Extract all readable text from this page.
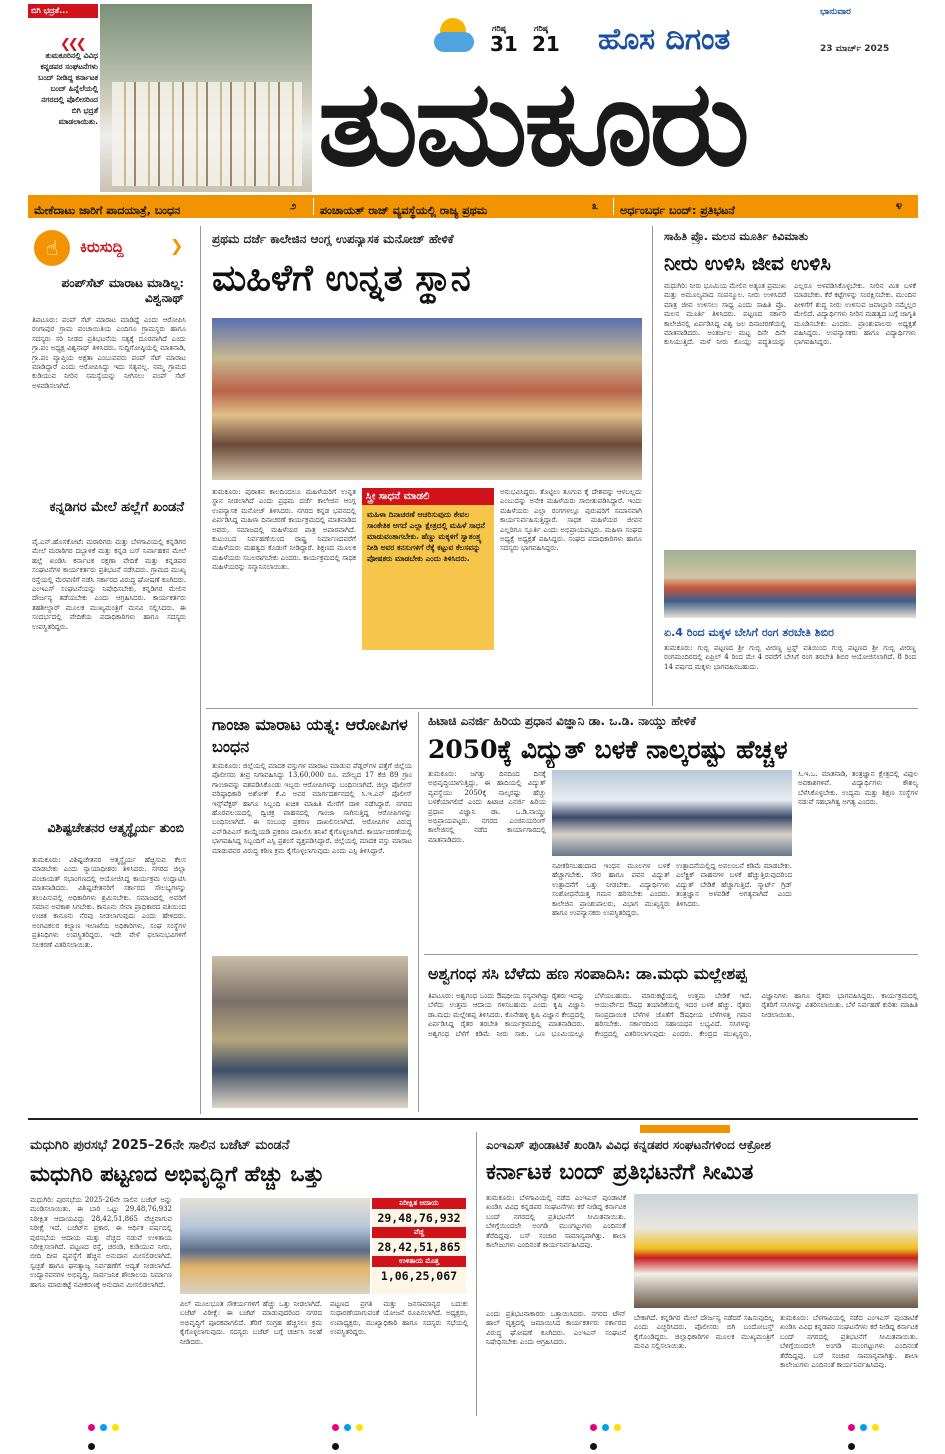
ಬಿಗಿ ಭದ್ರತೆ...
❮❮❮
ತುಮಕೂರಿನಲ್ಲಿ ವಿವಿಧ ಕನ್ನಡಪರ ಸಂಘಟನೆಗಳು ಬಂದ್ ನೀಡಿದ್ದ ಕರ್ನಾಟಕ ಬಂದ್ ಹಿನ್ನೆಲೆಯಲ್ಲಿ ನಗರದಲ್ಲಿ ಪೊಲೀಸರಿಂದ ಬಿಗಿ ಭದ್ರತೆ ಮಾಡಲಾಯಿತು.
ಗರಿಷ್ಠ
31
ಗರಿಷ್ಠ
21 ಹೊಸ ದಿಗಂತ
ಭಾನುವಾರ
23 ಮಾರ್ಚ್ 2025
ತುಮಕೂರು
ಮೇಕೆದಾಟು ಜಾರಿಗೆ ಪಾದಯಾತ್ರೆ, ಬಂಧನ	೨ ಪಂಚಾಯತ್ ರಾಜ್ ವ್ಯವಸ್ಥೆಯಲ್ಲಿ ರಾಜ್ಯ ಪ್ರಥಮ	೩ ಅರ್ಧಂಬರ್ಧ ಬಂದ್: ಪ್ರತಿಭಟನೆ	೪
☝	ಕಿರುಸುದ್ದಿ	❯
ಪಂಪ್‌ಸೆಟ್ ಮಾರಾಟ ಮಾಡಿಲ್ಲ: ವಿಶ್ವನಾಥ್
ತಿಪಟೂರು: ಪಂಪ್ ಸೆಟ್ ಮಾರಾಟ ಮಾಡಿದ್ದೆ ಎಂದು ಆರೋಪಿಸಿ ರಂಗಾಪುರ ಗ್ರಾಮ ಪಂಚಾಯಿತಿಯ ಎಂದಿಗೂ ಗ್ರಾಮಸ್ಥರು ಹಾಗೂ ಸದಸ್ಯರು ಸರಿ ನೀಡದ ಪ್ರತಿಭಟನೆಯ ಸತ್ಯಕ್ಕೆ ದೂರವಾಗಿದೆ ಎಂದು ಗ್ರಾ.ಪಂ ಅಧ್ಯಕ್ಷ ವಿಶ್ವನಾಥ್ ತಿಳಿಸಿದರು. ಸುದ್ದಿಗೋಷ್ಠಿಯಲ್ಲಿ ಮಾತನಾಡಿ, ಗ್ರಾ.ಪಂ ವ್ಯಾಪ್ತಿಯ ಅಕ್ಷತಾ ಎಂಬುವವರು ಪಂಪ್ ಸೆಟ್ ಮಾರಾಟ ಮಾಡಿದ್ದಾರೆ ಎಂದು ಆರೋಪಿಸಿದ್ದು ಇದು ಸತ್ಯವಲ್ಲ. ನಮ್ಮ ಗ್ರಾಮದ ಕುಡಿಯುವ ನೀರಿನ ಸಮಸ್ಯೆಯನ್ನು ನೀಗಿಸಲು ಪಂಪ್ ಸೆಟ್ ಅಳವಡಿಸಲಾಗಿದೆ.
ಕನ್ನಡಿಗರ ಮೇಲೆ ಹಲ್ಲೆಗೆ ಖಂಡನೆ
ವೈ.ಎನ್.ಹೊಸಕೋಟೆ: ಮರಾಠಿಗರು ಮತ್ತು ಬೆಳಗಾವಿಯಲ್ಲಿ ಕನ್ನಡಿಗರ ಮೇಲೆ ಮರಾಠಿಗರ ದಬ್ಬಾಳಿಕೆ ಮತ್ತು ಕನ್ನಡ ಬಸ್ ನಿರ್ವಾಹಕನ ಮೇಲೆ ಹಲ್ಲೆ ಖಂಡಿಸಿ ಕರ್ನಾಟಕ ರಕ್ಷಣಾ ವೇದಿಕೆ ಮತ್ತು ಕನ್ನಡಪರ ಸಂಘಟನೆಗಳ ಕಾರ್ಯಕರ್ತರು ಪ್ರತಿಭಟನೆ ನಡೆಸಿದರು. ಗ್ರಾಮದ ಮುಖ್ಯ ರಸ್ತೆಯಲ್ಲಿ ಮೆರವಣಿಗೆ ನಡೆಸಿ ಸರ್ಕಾರದ ವಿರುದ್ಧ ಘೋಷಣೆ ಕೂಗಿದರು. ಎಂಇಎಸ್ ಸಂಘಟನೆಯನ್ನು ನಿಷೇಧಿಸಬೇಕು, ಕನ್ನಡಿಗರ ಮೇಲಿನ ದೌರ್ಜನ್ಯ ತಡೆಯಬೇಕು ಎಂದು ಆಗ್ರಹಿಸಿದರು. ಕಾರ್ಯಕರ್ತರು ತಹಶೀಲ್ದಾರ್ ಮೂಲಕ ಮುಖ್ಯಮಂತ್ರಿಗೆ ಮನವಿ ಸಲ್ಲಿಸಿದರು. ಈ ಸಂದರ್ಭದಲ್ಲಿ ವೇದಿಕೆಯ ಪದಾಧಿಕಾರಿಗಳು ಹಾಗೂ ಸದಸ್ಯರು ಉಪಸ್ಥಿತರಿದ್ದರು.
ವಿಶಿಷ್ಟಚೇತನರ ಆತ್ಮಸ್ಥೈರ್ಯ ತುಂಬಿ
ತುಮಕೂರು: ವಿಶಿಷ್ಟಚೇತನರ ಆತ್ಮಸ್ಥೈರ್ಯ ಹೆಚ್ಚಿಸುವ ಕೆಲಸ ಮಾಡಬೇಕು ಎಂದು ನ್ಯಾಯಾಧೀಶರು ತಿಳಿಸಿದರು. ನಗರದ ಜಿಲ್ಲಾ ಪಂಚಾಯತ್ ಸಭಾಂಗಣದಲ್ಲಿ ಆಯೋಜಿಸಿದ್ದ ಕಾರ್ಯಕ್ರಮ ಉದ್ಘಾಟಿಸಿ ಮಾತನಾಡಿದರು. ವಿಶಿಷ್ಟಚೇತನರಿಗೆ ಸರ್ಕಾರದ ಸೌಲಭ್ಯಗಳನ್ನು ತಲುಪಿಸುವಲ್ಲಿ ಅಧಿಕಾರಿಗಳು ಶ್ರಮಿಸಬೇಕು. ಸಮಾಜದಲ್ಲಿ ಅವರಿಗೆ ಸಮಾನ ಅವಕಾಶ ಸಿಗಬೇಕು. ಕಾನೂನು ಸೇವಾ ಪ್ರಾಧಿಕಾರದ ವತಿಯಿಂದ ಉಚಿತ ಕಾನೂನು ನೆರವು ನೀಡಲಾಗುವುದು ಎಂದು ಹೇಳಿದರು. ಅಂಗವಿಕಲರ ಕಲ್ಯಾಣ ಇಲಾಖೆಯ ಅಧಿಕಾರಿಗಳು, ಸಂಘ ಸಂಸ್ಥೆಗಳ ಪ್ರತಿನಿಧಿಗಳು ಉಪಸ್ಥಿತರಿದ್ದರು. ಇದೇ ವೇಳೆ ಫಲಾನುಭವಿಗಳಿಗೆ ಸಲಕರಣೆ ವಿತರಿಸಲಾಯಿತು.
ಪ್ರಥಮ ದರ್ಜೆ ಕಾಲೇಜಿನ ಆಂಗ್ಲ ಉಪನ್ಯಾಸಕ ಮನೋಜ್ ಹೇಳಿಕೆ
ಮಹಿಳೆಗೆ ಉನ್ನತ ಸ್ಥಾನ
ತುಮಕೂರು: ಪುರಾತನ ಕಾಲದಿಂದಲೂ ಮಹಿಳೆಯರಿಗೆ ಉನ್ನತ ಸ್ಥಾನ ನೀಡಲಾಗಿದೆ ಎಂದು ಪ್ರಥಮ ದರ್ಜೆ ಕಾಲೇಜಿನ ಆಂಗ್ಲ ಉಪನ್ಯಾಸಕ ಮನೋಜ್ ತಿಳಿಸಿದರು. ನಗರದ ಕನ್ನಡ ಭವನದಲ್ಲಿ ಏರ್ಪಡಿಸಿದ್ದ ಮಹಿಳಾ ದಿನಾಚರಣೆ ಕಾರ್ಯಕ್ರಮದಲ್ಲಿ ಮಾತನಾಡಿದ ಅವರು, ಸಮಾಜದಲ್ಲಿ ಮಹಿಳೆಯರ ಪಾತ್ರ ಅಪಾರವಾಗಿದೆ. ಕುಟುಂಬದ ನಿರ್ವಹಣೆಯಿಂದ ರಾಷ್ಟ್ರ ನಿರ್ಮಾಣದವರೆಗೆ ಮಹಿಳೆಯರು ಮಹತ್ವದ ಕೊಡುಗೆ ನೀಡಿದ್ದಾರೆ. ಶಿಕ್ಷಣದ ಮೂಲಕ ಮಹಿಳೆಯರು ಸಬಲರಾಗಬೇಕು ಎಂದರು. ಕಾರ್ಯಕ್ರಮದಲ್ಲಿ ಸಾಧಕ ಮಹಿಳೆಯರನ್ನು ಸನ್ಮಾನಿಸಲಾಯಿತು.
ಸ್ತ್ರೀ ಸಾಧನೆ ಮಾಡಲಿ
ಮಹಿಳಾ ದಿನಾಚರಣೆ ಆಚರಿಸುವುದು ಕೇವಲ ಸಾಂಕೇತಿಕ ಆಗದೆ ಎಲ್ಲಾ ಕ್ಷೇತ್ರದಲ್ಲಿ ಮಹಿಳೆ ಸಾಧನೆ ಮಾಡುವಂತಾಗಬೇಕು. ಹೆಣ್ಣು ಮಕ್ಕಳಿಗೆ ಸ್ವಾತಂತ್ರ್ಯ ನೀಡಿ ಅವರ ಕನಸುಗಳಿಗೆ ರೆಕ್ಕೆ ಕಟ್ಟುವ ಕೆಲಸವನ್ನು ಪೋಷಕರು ಮಾಡಬೇಕು ಎಂದು ತಿಳಿಸಿದರು.
ಅನುಭವಿಸಿದ್ದರು. ತೊಟ್ಟಿಲು ತೂಗುವ ಕೈ ದೇಶವನ್ನು ಆಳಬಲ್ಲದು ಎಂಬುದನ್ನು ಅನೇಕ ಮಹಿಳೆಯರು ಸಾಬೀತುಪಡಿಸಿದ್ದಾರೆ. ಇಂದು ಮಹಿಳೆಯರು ಎಲ್ಲಾ ರಂಗಗಳಲ್ಲೂ ಪುರುಷರಿಗೆ ಸಮಾನವಾಗಿ ಕಾರ್ಯನಿರ್ವಹಿಸುತ್ತಿದ್ದಾರೆ. ಸಾಧಕ ಮಹಿಳೆಯರ ಜೀವನ ಎಲ್ಲರಿಗೂ ಸ್ಫೂರ್ತಿ ಎಂದು ಅಭಿಪ್ರಾಯಪಟ್ಟರು. ಮಹಿಳಾ ಸಂಘದ ಅಧ್ಯಕ್ಷೆ ಅಧ್ಯಕ್ಷತೆ ವಹಿಸಿದ್ದರು. ಸಂಘದ ಪದಾಧಿಕಾರಿಗಳು ಹಾಗೂ ಸದಸ್ಯರು ಭಾಗವಹಿಸಿದ್ದರು.
ಸಾಹಿತಿ ಪ್ರೊ. ಮಲನ ಮೂರ್ತಿ ಕಿವಿಮಾತು
ನೀರು ಉಳಿಸಿ ಜೀವ ಉಳಿಸಿ
ಮಧುಗಿರಿ: ನೀರು ಭೂಮಿಯ ಮೇಲಿನ ಅತ್ಯಂತ ಪ್ರಮುಖ ಮತ್ತು ಅಮೂಲ್ಯವಾದ ಸಂಪನ್ಮೂಲ. ನೀರು ಉಳಿಸಿದರೆ ಮಾತ್ರ ಜೀವ ಉಳಿಸಲು ಸಾಧ್ಯ ಎಂದು ಸಾಹಿತಿ ಪ್ರೊ. ಮಲನ ಮೂರ್ತಿ ತಿಳಿಸಿದರು. ಪಟ್ಟಣದ ಸರ್ಕಾರಿ ಕಾಲೇಜಿನಲ್ಲಿ ಏರ್ಪಡಿಸಿದ್ದ ವಿಶ್ವ ಜಲ ದಿನಾಚರಣೆಯಲ್ಲಿ ಮಾತನಾಡಿದರು. ಅಂತರ್ಜಲ ಮಟ್ಟ ದಿನೇ ದಿನೇ ಕುಸಿಯುತ್ತಿದೆ. ಮಳೆ ನೀರು ಕೊಯ್ಲು ಪದ್ಧತಿಯನ್ನು ಎಲ್ಲರೂ ಅಳವಡಿಸಿಕೊಳ್ಳಬೇಕು. ನೀರಿನ ಮಿತ ಬಳಕೆ ಮಾಡಬೇಕು. ಕೆರೆ ಕಟ್ಟೆಗಳನ್ನು ಸಂರಕ್ಷಿಸಬೇಕು. ಮುಂದಿನ ಪೀಳಿಗೆಗೆ ಶುದ್ಧ ನೀರು ಉಳಿಸುವ ಜವಾಬ್ದಾರಿ ನಮ್ಮೆಲ್ಲರ ಮೇಲಿದೆ. ವಿದ್ಯಾರ್ಥಿಗಳು ನೀರಿನ ಮಹತ್ವದ ಬಗ್ಗೆ ಜಾಗೃತಿ ಮೂಡಿಸಬೇಕು ಎಂದರು. ಪ್ರಾಂಶುಪಾಲರು ಅಧ್ಯಕ್ಷತೆ ವಹಿಸಿದ್ದರು. ಉಪನ್ಯಾಸಕರು ಹಾಗೂ ವಿದ್ಯಾರ್ಥಿಗಳು ಭಾಗವಹಿಸಿದ್ದರು.
ಏ.4 ರಿಂದ ಮಕ್ಕಳ ಬೇಸಿಗೆ ರಂಗ ತರಬೇತಿ ಶಿಬಿರ
ತುಮಕೂರು: ಗುಬ್ಬಿ ಪಟ್ಟಣದ ಶ್ರೀ ಗುಬ್ಬಿ ವೀರಣ್ಣ ಟ್ರಸ್ಟ್ ವತಿಯಿಂದ ಗುಬ್ಬಿ ಪಟ್ಟಣದ ಶ್ರೀ ಗುಬ್ಬಿ ವೀರಣ್ಣ ರಂಗಮಂದಿರದಲ್ಲಿ ಏಪ್ರಿಲ್ 4 ರಿಂದ ಮೇ 4 ರವರೆಗೆ ಬೇಸಿಗೆ ರಂಗ ತರಬೇತಿ ಶಿಬಿರ ಆಯೋಜಿಸಲಾಗಿದೆ. 8 ರಿಂದ 14 ವರ್ಷದ ಮಕ್ಕಳು ಭಾಗವಹಿಸಬಹುದು.
ಗಾಂಜಾ ಮಾರಾಟ ಯತ್ನ: ಆರೋಪಿಗಳ ಬಂಧನ
ತುಮಕೂರು: ಜಿಲ್ಲೆಯಲ್ಲಿ ಮಾದಕ ವಸ್ತುಗಳ ಮಾರಾಟ ಮಾಡುವ ಪೆಡ್ಲರ್‌ಗಳ ಪತ್ತೆಗೆ ಜಿಲ್ಲೆಯ ಪೊಲೀಸರು ತೀವ್ರ ನಿಗಾವಹಿಸಿದ್ದು 13,60,000 ರೂ. ಮೌಲ್ಯದ 17 ಕೆಜಿ 89 ಗ್ರಾಂ ಗಾಂಜಾವನ್ನು ವಶಪಡಿಸಿಕೊಂಡು ಇಬ್ಬರು ಆರೋಪಿಗಳನ್ನು ಬಂಧಿಸಲಾಗಿದೆ. ಜಿಲ್ಲಾ ಪೊಲೀಸ್ ವರಿಷ್ಠಾಧಿಕಾರಿ ಅಶೋಕ್ ಕೆ.ವಿ ಅವರ ಮಾರ್ಗದರ್ಶನದಲ್ಲಿ ಸಿ.ಇ.ಎನ್ ಪೊಲೀಸ್ ಇನ್ಸ್‌ಪೆಕ್ಟರ್ ಹಾಗೂ ಸಿಬ್ಬಂದಿ ಖಚಿತ ಮಾಹಿತಿ ಮೇರೆಗೆ ದಾಳಿ ನಡೆಸಿದ್ದಾರೆ. ನಗರದ ಹೊರವಲಯದಲ್ಲಿ ದ್ವಿಚಕ್ರ ವಾಹನದಲ್ಲಿ ಗಾಂಜಾ ಸಾಗಿಸುತ್ತಿದ್ದ ಆರೋಪಿಗಳನ್ನು ಬಂಧಿಸಲಾಗಿದೆ. ಈ ಸಂಬಂಧ ಪ್ರಕರಣ ದಾಖಲಿಸಲಾಗಿದೆ. ಆರೋಪಿಗಳ ವಿರುದ್ಧ ಎನ್‌ಡಿಪಿಎಸ್ ಕಾಯ್ದೆಯಡಿ ಪ್ರಕರಣ ದಾಖಲಿಸಿ ತನಿಖೆ ಕೈಗೊಳ್ಳಲಾಗಿದೆ. ಕಾರ್ಯಾಚರಣೆಯಲ್ಲಿ ಭಾಗವಹಿಸಿದ್ದ ಸಿಬ್ಬಂದಿಗೆ ಎಸ್ಪಿ ಪ್ರಶಂಸೆ ವ್ಯಕ್ತಪಡಿಸಿದ್ದಾರೆ. ಜಿಲ್ಲೆಯಲ್ಲಿ ಮಾದಕ ವಸ್ತು ಮಾರಾಟ ಮಾಡುವವರ ವಿರುದ್ಧ ಕಠಿಣ ಕ್ರಮ ಕೈಗೊಳ್ಳಲಾಗುವುದು ಎಂದು ಎಸ್ಪಿ ತಿಳಿಸಿದ್ದಾರೆ.
ಹಿಟಾಚಿ ಎನರ್ಜಿ ಹಿರಿಯ ಪ್ರಧಾನ ವಿಜ್ಞಾನಿ ಡಾ. ಒ.ಡಿ. ನಾಯ್ಡು ಹೇಳಿಕೆ
2050ಕ್ಕೆ ವಿದ್ಯುತ್ ಬಳಕೆ ನಾಲ್ಕರಷ್ಟು ಹೆಚ್ಚಳ
ತುಮಕೂರು: ಜಗತ್ತು ದಿನದಿಂದ ದಿನಕ್ಕೆ ಅಭಿವೃದ್ಧಿಯಾಗುತ್ತಿದ್ದು, ಈ ಹಾದಿಯಲ್ಲಿ ವಿದ್ಯುತ್ ವ್ಯವಸ್ಥೆಯು 2050ಕ್ಕೆ ನಾಲ್ಕರಷ್ಟು ಹೆಚ್ಚು ಬಳಕೆಯಾಗಲಿದೆ ಎಂದು ಹಿಟಾಚಿ ಎನರ್ಜಿ ಹಿರಿಯ ಪ್ರಧಾನ ವಿಜ್ಞಾನಿ ಡಾ. ಒ.ಡಿ.ನಾಯ್ಡು ಅಭಿಪ್ರಾಯಪಟ್ಟರು. ನಗರದ ಎಂಜಿನಿಯರಿಂಗ್ ಕಾಲೇಜಿನಲ್ಲಿ ನಡೆದ ಕಾರ್ಯಾಗಾರದಲ್ಲಿ ಮಾತನಾಡಿದರು.
ಸಿ.ಇ.ಒ. ಮಾತನಾಡಿ, ತಂತ್ರಜ್ಞಾನ ಕ್ಷೇತ್ರದಲ್ಲಿ ವಿಫುಲ ಅವಕಾಶಗಳಿವೆ. ವಿದ್ಯಾರ್ಥಿಗಳು ಕೌಶಲ್ಯ ಬೆಳೆಸಿಕೊಳ್ಳಬೇಕು. ಉದ್ಯಮ ಮತ್ತು ಶಿಕ್ಷಣ ಸಂಸ್ಥೆಗಳ ನಡುವೆ ಸಹಭಾಗಿತ್ವ ಅಗತ್ಯ ಎಂದರು.
ನವೀಕರಿಸಬಹುದಾದ ಇಂಧನ ಮೂಲಗಳ ಬಳಕೆ ಹೆಚ್ಚಾಗಬೇಕು. ಸೌರ ಹಾಗೂ ಪವನ ವಿದ್ಯುತ್ ಉತ್ಪಾದನೆಗೆ ಒತ್ತು ನೀಡಬೇಕು. ವಿದ್ಯಾರ್ಥಿಗಳು ಸಂಶೋಧನೆಯತ್ತ ಗಮನ ಹರಿಸಬೇಕು ಎಂದರು. ಕಾಲೇಜಿನ ಪ್ರಾಂಶುಪಾಲರು, ವಿಭಾಗ ಮುಖ್ಯಸ್ಥರು ಹಾಗೂ ಉಪನ್ಯಾಸಕರು ಉಪಸ್ಥಿತರಿದ್ದರು.
ಉತ್ಪಾದನೆಯಲ್ಲಿದ್ದ ಅವಲಂಬನೆ ಕಡಿಮೆ ಮಾಡಬೇಕು. ಎಲೆಕ್ಟ್ರಿಕ್ ವಾಹನಗಳ ಬಳಕೆ ಹೆಚ್ಚುತ್ತಿರುವುದರಿಂದ ವಿದ್ಯುತ್ ಬೇಡಿಕೆ ಹೆಚ್ಚಾಗುತ್ತಿದೆ. ಸ್ಮಾರ್ಟ್ ಗ್ರಿಡ್ ತಂತ್ರಜ್ಞಾನ ಅಳವಡಿಕೆ ಅಗತ್ಯವಾಗಿದೆ ಎಂದು ತಿಳಿಸಿದರು.
ಅಶ್ವಗಂಧ ಸಸಿ ಬೆಳೆದು ಹಣ ಸಂಪಾದಿಸಿ: ಡಾ.ಮಧು ಮಲ್ಲೇಶಪ್ಪ
ತಿಪಟೂರು: ಅಶ್ವಗಂಧ ಒಂದು ಔಷಧೀಯ ಸಸ್ಯವಾಗಿದ್ದು ರೈತರು ಇದನ್ನು ಬೆಳೆದು ಉತ್ತಮ ಆದಾಯ ಗಳಿಸಬಹುದು ಎಂದು ಕೃಷಿ ವಿಜ್ಞಾನಿ ಡಾ.ಮಧು ಮಲ್ಲೇಶಪ್ಪ ತಿಳಿಸಿದರು. ಕೊನೇಹಳ್ಳಿ ಕೃಷಿ ವಿಜ್ಞಾನ ಕೇಂದ್ರದಲ್ಲಿ ಏರ್ಪಡಿಸಿದ್ದ ರೈತರ ತರಬೇತಿ ಕಾರ್ಯಕ್ರಮದಲ್ಲಿ ಮಾತನಾಡಿದರು. ಅಶ್ವಗಂಧ ಬೆಳೆಗೆ ಕಡಿಮೆ ನೀರು ಸಾಕು. ಒಣ ಭೂಮಿಯಲ್ಲೂ ಬೆಳೆಯಬಹುದು. ಮಾರುಕಟ್ಟೆಯಲ್ಲಿ ಉತ್ತಮ ಬೇಡಿಕೆ ಇದೆ. ಆಯುರ್ವೇದ ಔಷಧ ತಯಾರಿಕೆಯಲ್ಲಿ ಇದರ ಬಳಕೆ ಹೆಚ್ಚು. ರೈತರು ಸಾಂಪ್ರದಾಯಿಕ ಬೆಳೆಗಳ ಜೊತೆಗೆ ಔಷಧೀಯ ಬೆಳೆಗಳತ್ತ ಗಮನ ಹರಿಸಬೇಕು. ಸರ್ಕಾರದಿಂದ ಸಹಾಯಧನ ಲಭ್ಯವಿದೆ. ಸಸಿಗಳನ್ನು ಕೇಂದ್ರದಲ್ಲಿ ವಿತರಿಸಲಾಗುವುದು ಎಂದರು. ಕೇಂದ್ರದ ಮುಖ್ಯಸ್ಥರು, ವಿಜ್ಞಾನಿಗಳು ಹಾಗೂ ರೈತರು ಭಾಗವಹಿಸಿದ್ದರು. ಕಾರ್ಯಕ್ರಮದಲ್ಲಿ ರೈತರಿಗೆ ಸಸಿಗಳನ್ನು ವಿತರಿಸಲಾಯಿತು. ಬೆಳೆ ನಿರ್ವಹಣೆ ಕುರಿತು ಮಾಹಿತಿ ನೀಡಲಾಯಿತು.
ಮಧುಗಿರಿ ಪುರಸಭೆ 2025–26ನೇ ಸಾಲಿನ ಬಜೆಟ್ ಮಂಡನೆ
ಮಧುಗಿರಿ ಪಟ್ಟಣದ ಅಭಿವೃದ್ಧಿಗೆ ಹೆಚ್ಚು ಒತ್ತು
ಮಧುಗಿರಿ: ಪುರಸಭೆಯ 2025-26ನೇ ಸಾಲಿನ ಬಜೆಟ್ ಅನ್ನು ಮಂಡಿಸಲಾಯಿತು. ಈ ಬಾರಿ ಒಟ್ಟು 29,48,76,932 ನಿರೀಕ್ಷಿತ ಆದಾಯವಿದ್ದು 28,42,51,865 ವೆಚ್ಚವಾಗುವ ನಿರೀಕ್ಷೆ ಇದೆ. ಬಜೆಟ್‌ನ ಪ್ರಕಾರ, ಈ ಆರ್ಥಿಕ ವರ್ಷದಲ್ಲಿ ಪುರಸಭೆಯ ಆದಾಯ ಮತ್ತು ವೆಚ್ಚದ ನಡುವೆ ಉಳಿತಾಯ ನಿರೀಕ್ಷಿಸಲಾಗಿದೆ. ಪಟ್ಟಣದ ರಸ್ತೆ, ಚರಂಡಿ, ಕುಡಿಯುವ ನೀರು, ಬೀದಿ ದೀಪ ವ್ಯವಸ್ಥೆಗೆ ಹೆಚ್ಚಿನ ಅನುದಾನ ಮೀಸಲಿಡಲಾಗಿದೆ. ಸ್ವಚ್ಛತೆ ಹಾಗೂ ಘನತ್ಯಾಜ್ಯ ನಿರ್ವಹಣೆಗೆ ಆದ್ಯತೆ ನೀಡಲಾಗಿದೆ. ಉದ್ಯಾನವನಗಳ ಅಭಿವೃದ್ಧಿ, ಸಾರ್ವಜನಿಕ ಶೌಚಾಲಯ ನಿರ್ಮಾಣ ಹಾಗೂ ಮಾರುಕಟ್ಟೆ ನವೀಕರಣಕ್ಕೆ ಅನುದಾನ ಮೀಸಲಿಡಲಾಗಿದೆ.
ನಿರೀಕ್ಷಿತ ಆದಾಯ
29,48,76,932
ವೆಚ್ಚ
28,42,51,865
ಉಳಿತಾಯ ಮೊತ್ತ
1,06,25,067
ಪಿಲ್ ಮೂಲಭೂತ ಸೌಕರ್ಯಗಳಿಗೆ ಹೆಚ್ಚು ಒತ್ತು ನೀಡಲಾಗಿದೆ. ಬಜೆಟ್ ವಿರೀಕ್ಷೆ: ಈ ಬಜೆಟ್ ಮಾಡುವುದರಿಂದ ನಗರದ ಅಭಿವೃದ್ಧಿಗೆ ಪೂರಕವಾಗಲಿದೆ. ತೆರಿಗೆ ಸಂಗ್ರಹ ಹೆಚ್ಚಿಸಲು ಕ್ರಮ ಕೈಗೊಳ್ಳಲಾಗುವುದು. ಸದಸ್ಯರು ಬಜೆಟ್ ಬಗ್ಗೆ ಚರ್ಚಿಸಿ ಸಲಹೆ ನೀಡಿದರು.
ಪಟ್ಟಣದ ಪ್ರಗತಿ ಮತ್ತು ಜನಸಾಮಾನ್ಯರ ಬದುಕು ಸುಧಾರಣೆಯಾಗುವಂತೆ ಯೋಜನೆ ರೂಪಿಸಲಾಗಿದೆ. ಅಧ್ಯಕ್ಷರು, ಉಪಾಧ್ಯಕ್ಷರು, ಮುಖ್ಯಾಧಿಕಾರಿ ಹಾಗೂ ಸದಸ್ಯರು ಸಭೆಯಲ್ಲಿ ಉಪಸ್ಥಿತರಿದ್ದರು.
ಎಂಇಎಸ್ ಪುಂಡಾಟಿಕೆ ಖಂಡಿಸಿ ವಿವಿಧ ಕನ್ನಡಪರ ಸಂಘಟನೆಗಳಿಂದ ಆಕ್ರೋಶ
ಕರ್ನಾಟಕ ಬಂದ್ ಪ್ರತಿಭಟನೆಗೆ ಸೀಮಿತ
ತುಮಕೂರು: ಬೆಳಗಾವಿಯಲ್ಲಿ ನಡೆದ ಎಂಇಎಸ್ ಪುಂಡಾಟಿಕೆ ಖಂಡಿಸಿ ವಿವಿಧ ಕನ್ನಡಪರ ಸಂಘಟನೆಗಳು ಕರೆ ನೀಡಿದ್ದ ಕರ್ನಾಟಕ ಬಂದ್ ನಗರದಲ್ಲಿ ಪ್ರತಿಭಟನೆಗೆ ಸೀಮಿತವಾಯಿತು. ಬೆಳಿಗ್ಗೆಯಿಂದಲೇ ಅಂಗಡಿ ಮುಂಗಟ್ಟುಗಳು ಎಂದಿನಂತೆ ತೆರೆದಿದ್ದವು. ಬಸ್ ಸಂಚಾರ ಸಾಮಾನ್ಯವಾಗಿತ್ತು. ಶಾಲಾ ಕಾಲೇಜುಗಳು ಎಂದಿನಂತೆ ಕಾರ್ಯನಿರ್ವಹಿಸಿದವು.
ಎಂದು ಪ್ರತಿಭಟನಾಕಾರರು ಒತ್ತಾಯಿಸಿದರು. ನಗರದ ಟೌನ್ ಹಾಲ್ ವೃತ್ತದಲ್ಲಿ ಜಮಾಯಿಸಿದ ಕಾರ್ಯಕರ್ತರು ಸರ್ಕಾರದ ವಿರುದ್ಧ ಘೋಷಣೆ ಕೂಗಿದರು. ಎಂಇಎಸ್ ಸಂಘಟನೆ ನಿಷೇಧಿಸಬೇಕು ಎಂದು ಆಗ್ರಹಿಸಿದರು.
ಬೇಕಾಗಿದೆ. ಕನ್ನಡಿಗರ ಮೇಲೆ ದೌರ್ಜನ್ಯ ನಡೆದರೆ ಸಹಿಸುವುದಿಲ್ಲ ಎಂದು ಎಚ್ಚರಿಸಿದರು. ಪೊಲೀಸರು ಬಿಗಿ ಬಂದೋಬಸ್ತ್ ಕೈಗೊಂಡಿದ್ದರು. ಜಿಲ್ಲಾಧಿಕಾರಿಗಳ ಮೂಲಕ ಮುಖ್ಯಮಂತ್ರಿಗೆ ಮನವಿ ಸಲ್ಲಿಸಲಾಯಿತು.
ತುಮಕೂರು: ಬೆಳಗಾವಿಯಲ್ಲಿ ನಡೆದ ಎಂಇಎಸ್ ಪುಂಡಾಟಿಕೆ ಖಂಡಿಸಿ ವಿವಿಧ ಕನ್ನಡಪರ ಸಂಘಟನೆಗಳು ಕರೆ ನೀಡಿದ್ದ ಕರ್ನಾಟಕ ಬಂದ್ ನಗರದಲ್ಲಿ ಪ್ರತಿಭಟನೆಗೆ ಸೀಮಿತವಾಯಿತು. ಬೆಳಿಗ್ಗೆಯಿಂದಲೇ ಅಂಗಡಿ ಮುಂಗಟ್ಟುಗಳು ಎಂದಿನಂತೆ ತೆರೆದಿದ್ದವು. ಬಸ್ ಸಂಚಾರ ಸಾಮಾನ್ಯವಾಗಿತ್ತು. ಶಾಲಾ ಕಾಲೇಜುಗಳು ಎಂದಿನಂತೆ ಕಾರ್ಯನಿರ್ವಹಿಸಿದವು.
